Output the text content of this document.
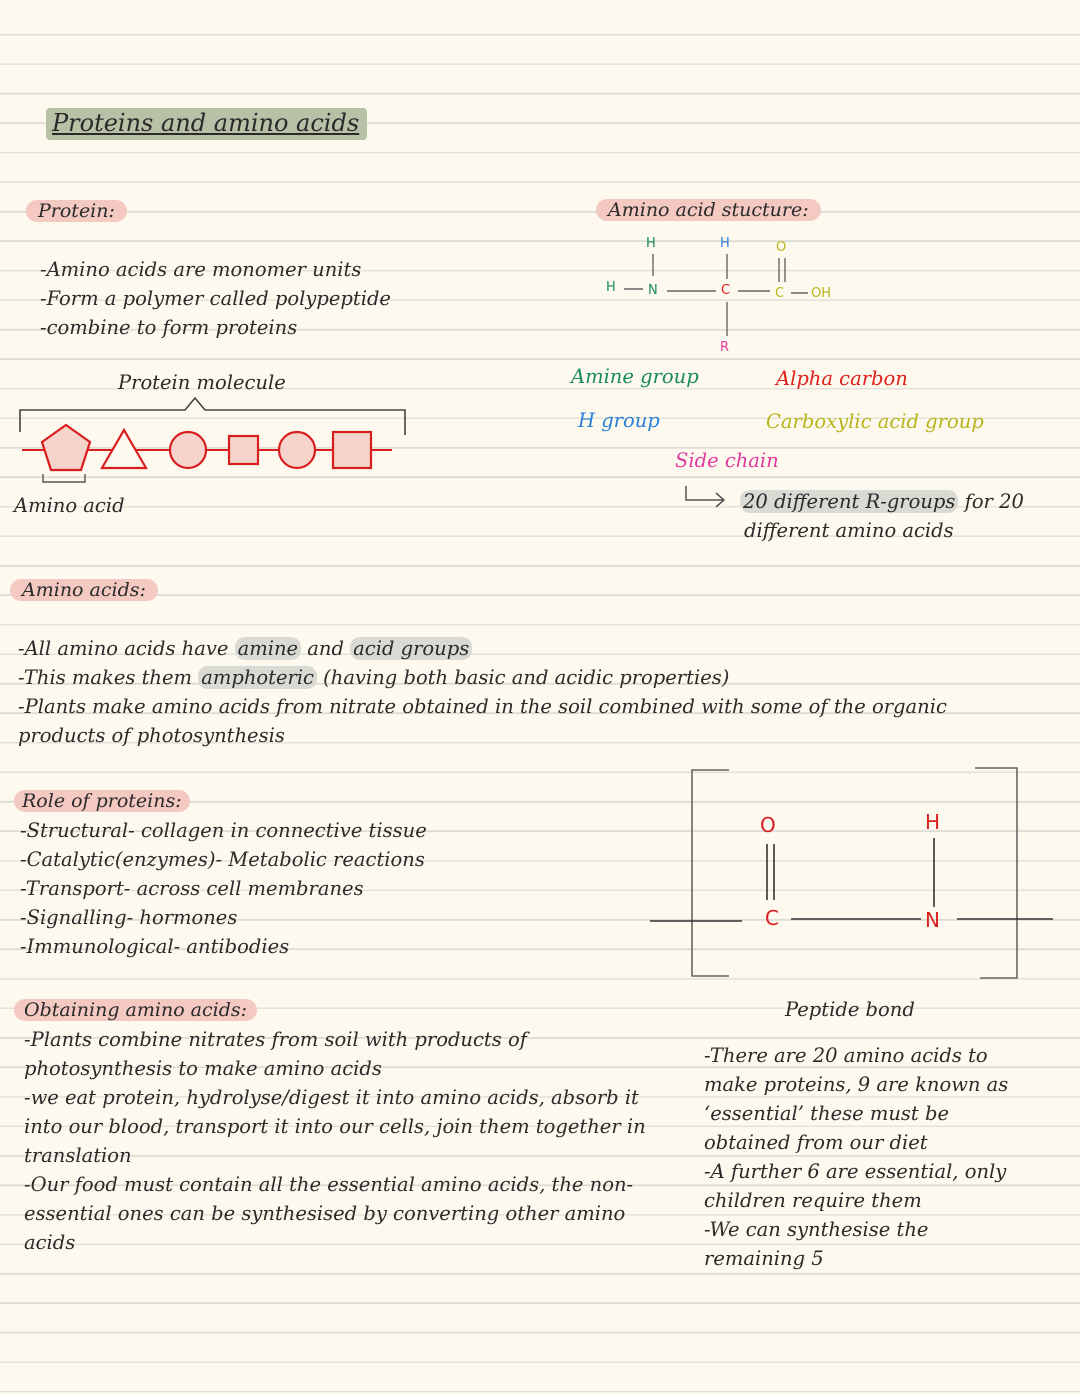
Proteins and amino acids
Protein:
-Amino acids are monomer units
-Form a polymer called polypeptide
-combine to form proteins
Protein molecule
Amino acid
Amino acid stucture:
H	H	O
H N	C	C OH
R
Amine group	Alpha carbon
H group	Carboxylic acid group
Side chain
20 different R-groups for 20
different amino acids
Amino acids:
-All amino acids have amine and acid groups
-This makes them amphoteric (having both basic and acidic properties)
-Plants make amino acids from nitrate obtained in the soil combined with some of the organic
products of photosynthesis
Role of proteins:
-Structural- collagen in connective tissue
-Catalytic(enzymes)- Metabolic reactions
-Transport- across cell membranes
-Signalling- hormones
-Immunological- antibodies
O
C
H
N
Peptide bond
Obtaining amino acids:
-Plants combine nitrates from soil with products of
photosynthesis to make amino acids
-we eat protein, hydrolyse/digest it into amino acids, absorb it
into our blood, transport it into our cells, join them together in
translation
-Our food must contain all the essential amino acids, the non-
essential ones can be synthesised by converting other amino
acids
-There are 20 amino acids to
make proteins, 9 are known as
‘essential’ these must be
obtained from our diet
-A further 6 are essential, only
children require them
-We can synthesise the
remaining 5
